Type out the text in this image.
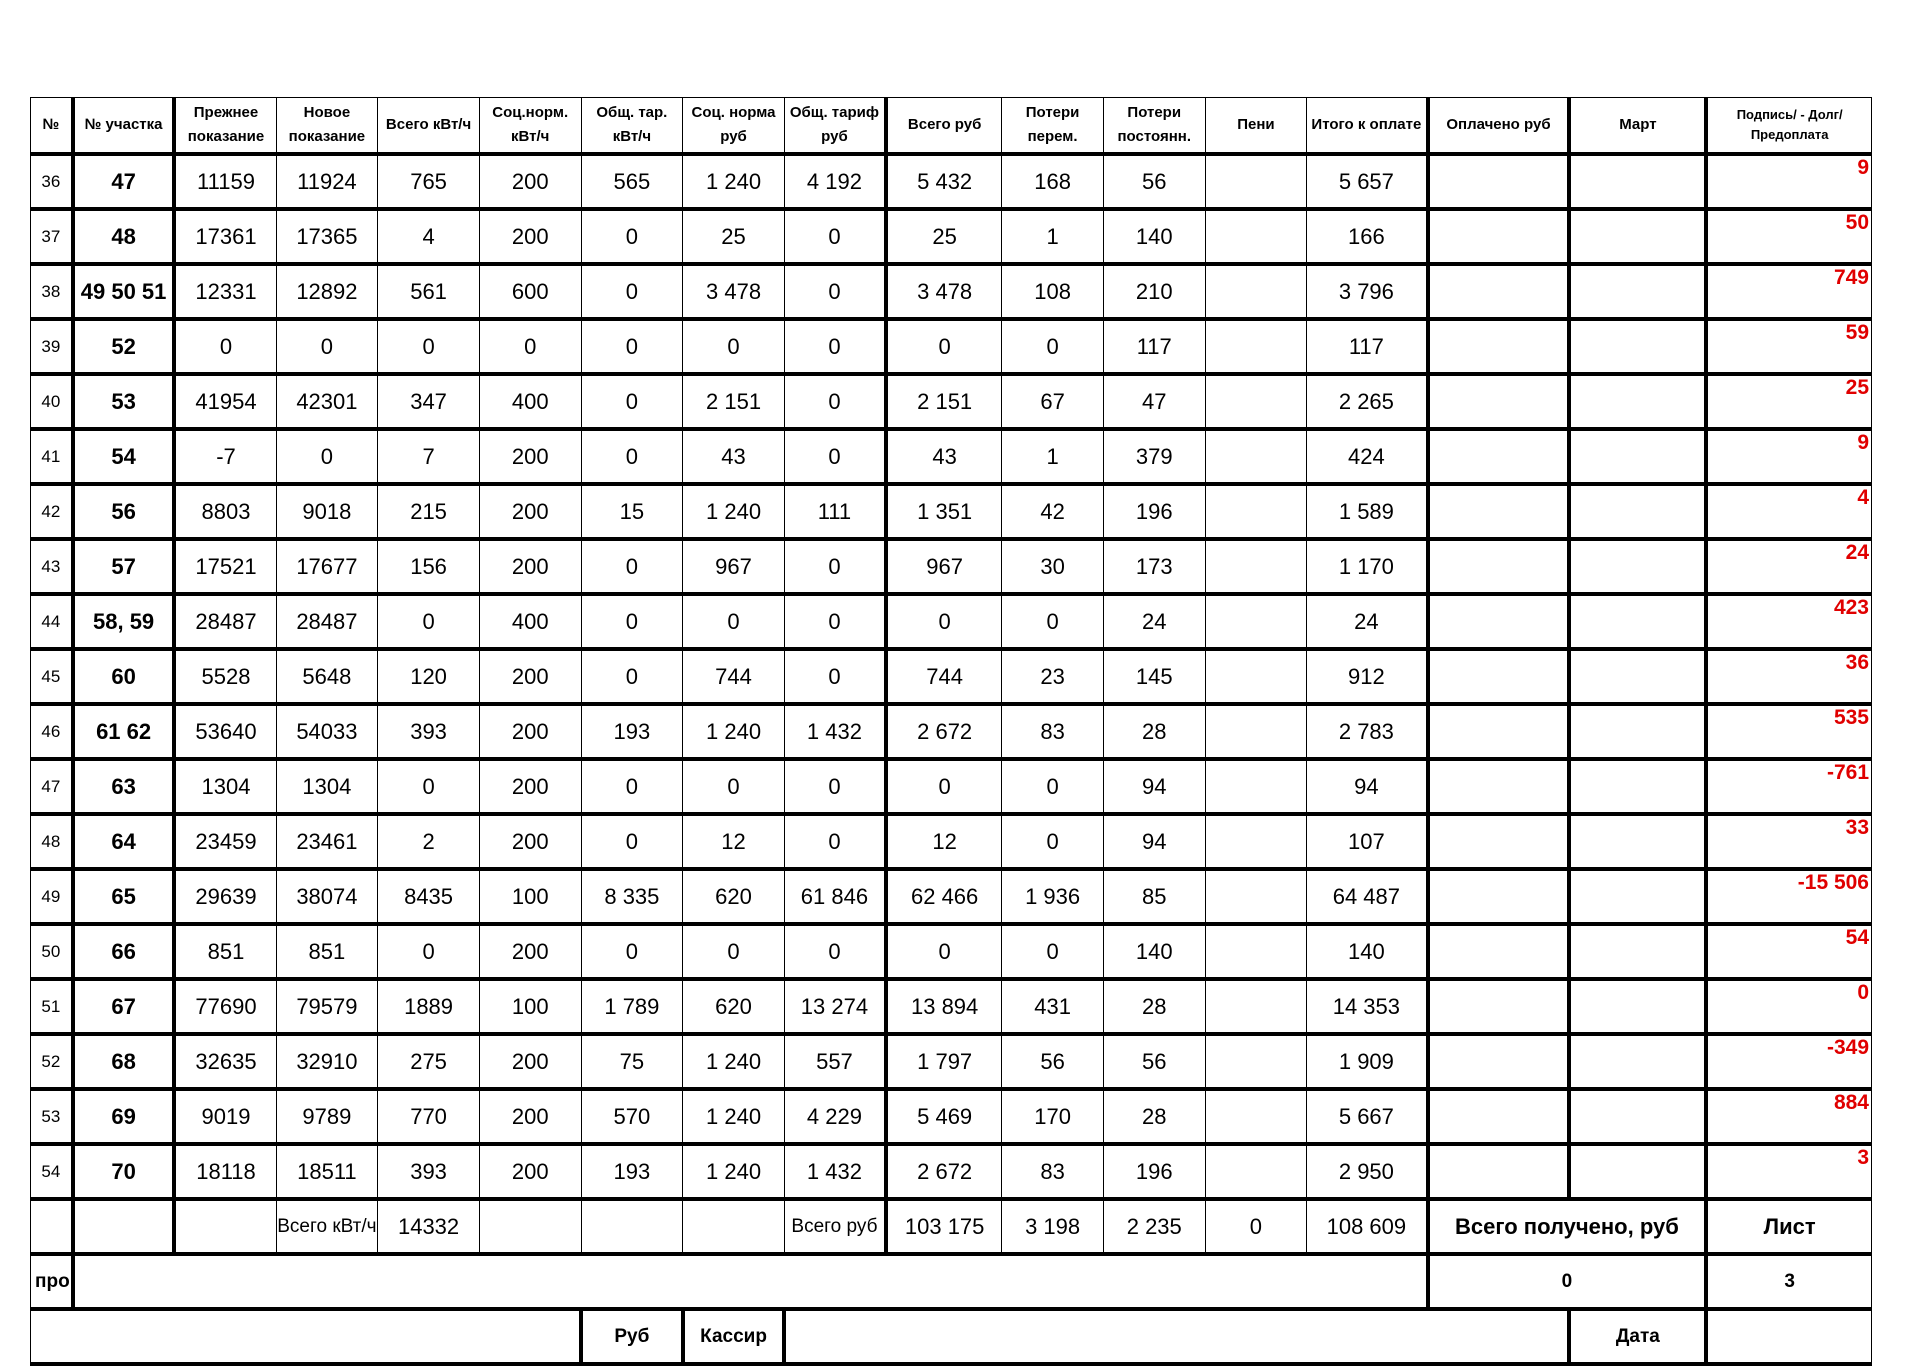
№	№ участка	Прежнее показание	Новое показание	Всего кВт/ч	Соц.норм. кВт/ч	Общ. тар. кВт/ч	Соц. норма руб	Общ. тариф руб	Всего руб	Потери перем.	Потери постоянн.	Пени	Итого к оплате	Оплачено руб	Март	Подпись/ - Долг/Предоплата
36	47	11159	11924	765	200	565	1 240	4 192	5 432	168	56		5 657			9
37	48	17361	17365	4	200	0	25	0	25	1	140		166			50
38	49 50 51	12331	12892	561	600	0	3 478	0	3 478	108	210		3 796			749
39	52	0	0	0	0	0	0	0	0	0	117		117			59
40	53	41954	42301	347	400	0	2 151	0	2 151	67	47		2 265			25
41	54	-7	0	7	200	0	43	0	43	1	379		424			9
42	56	8803	9018	215	200	15	1 240	111	1 351	42	196		1 589			4
43	57	17521	17677	156	200	0	967	0	967	30	173		1 170			24
44	58, 59	28487	28487	0	400	0	0	0	0	0	24		24			423
45	60	5528	5648	120	200	0	744	0	744	23	145		912			36
46	61 62	53640	54033	393	200	193	1 240	1 432	2 672	83	28		2 783			535
47	63	1304	1304	0	200	0	0	0	0	0	94		94			-761
48	64	23459	23461	2	200	0	12	0	12	0	94		107			33
49	65	29639	38074	8435	100	8 335	620	61 846	62 466	1 936	85		64 487			-15 506
50	66	851	851	0	200	0	0	0	0	0	140		140			54
51	67	77690	79579	1889	100	1 789	620	13 274	13 894	431	28		14 353			0
52	68	32635	32910	275	200	75	1 240	557	1 797	56	56		1 909			-349
53	69	9019	9789	770	200	570	1 240	4 229	5 469	170	28		5 667			884
54	70	18118	18511	393	200	193	1 240	1 432	2 672	83	196		2 950			3
			Всего кВт/ч	14332				Всего руб	103 175	3 198	2 235	0	108 609	Всего получено, руб		Лист
про														0		3
						Руб	Кассир								Дата	
